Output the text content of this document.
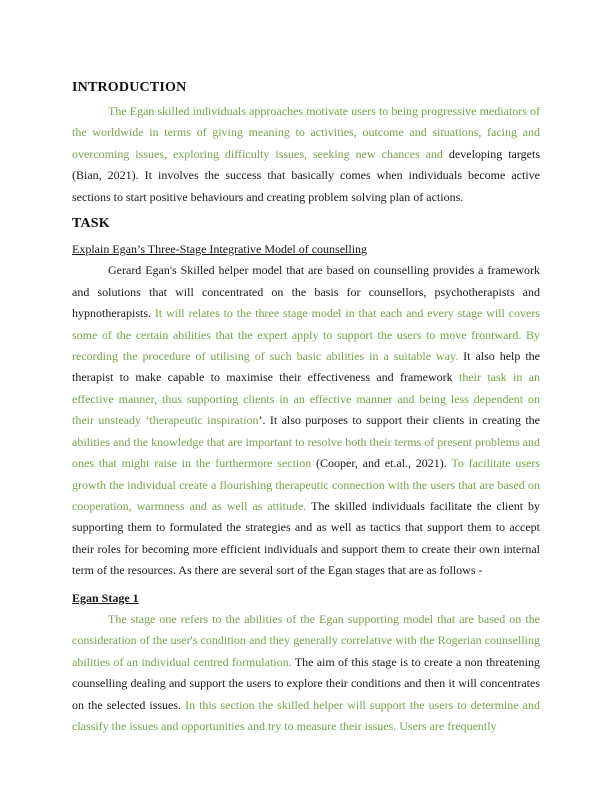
INTRODUCTION

The Egan skilled individuals approaches motivate users to being progressive mediators of the worldwide in terms of giving meaning to activities, outcome and situations, facing and overcoming issues, exploring difficulty issues, seeking new chances and developing targets (Bian, 2021). It involves the success that basically comes when individuals become active sections to start positive behaviours and creating problem solving plan of actions.

TASK
Explain Egan’s Three-Stage Integrative Model of counselling

Gerard Egan's Skilled helper model that are based on counselling provides a framework and solutions that will concentrated on the basis for counsellors, psychotherapists and hypnotherapists. It will relates to the three stage model in that each and every stage will covers some of the certain abilities that the expert apply to support the users to move frontward. By recording the procedure of utilising of such basic abilities in a suitable way. It also help the therapist to make capable to maximise their effectiveness and framework their task in an effective manner, thus supporting clients in an effective manner and being less dependent on their unsteady ‘therapeutic inspiration’. It also purposes to support their clients in creating the abilities and the knowledge that are important to resolve both their terms of present problems and ones that might raise in the furthermore section (Cooper, and et.al., 2021). To facilitate users growth the individual create a flourishing therapeutic connection with the users that are based on cooperation, warmness and as well as attitude. The skilled individuals facilitate the client by supporting them to formulated the strategies and as well as tactics that support them to accept their roles for becoming more efficient individuals and support them to create their own internal term of the resources. As there are several sort of the Egan stages that are as follows -

Egan Stage 1

The stage one refers to the abilities of the Egan supporting model that are based on the consideration of the user's condition and they generally correlative with the Rogerian counselling abilities of an individual centred formulation. The aim of this stage is to create a non threatening counselling dealing and support the users to explore their conditions and then it will concentrates on the selected issues. In this section the skilled helper will support the users to determine and classify the issues and opportunities and try to measure their issues. Users are frequently
